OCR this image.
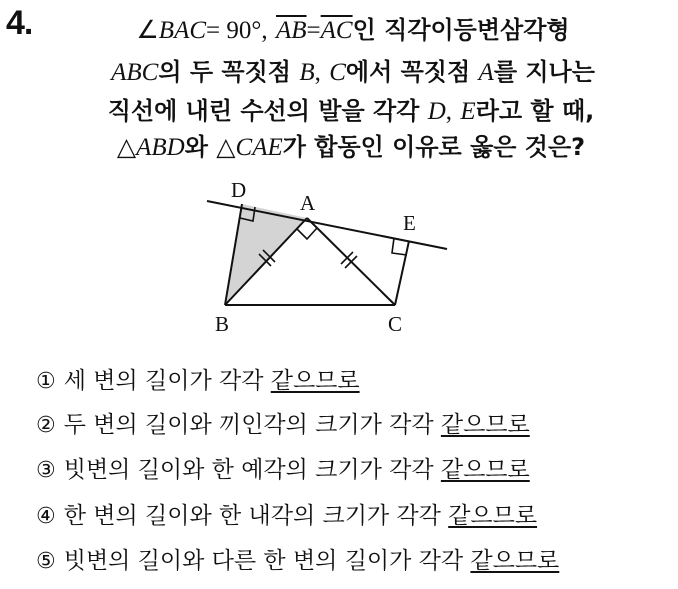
4.	∠BAC= 90°, $\overline{AB}=\overline{AC}$인 직각이등변삼각형
ABC의 두 꼭짓점 B, C에서 꼭짓점 A를 지나는
직선에 내린 수선의 발을 각각 D, E라고 할 때,
△ABD와 △CAE가 합동인 이유로 옳은 것은?
D
A
E
B	C
① 세 변의 길이가 각각 같으므로
② 두 변의 길이와 끼인각의 크기가 각각 같으므로
③ 빗변의 길이와 한 예각의 크기가 각각 같으므로
④ 한 변의 길이와 한 내각의 크기가 각각 같으므로
⑤ 빗변의 길이와 다른 한 변의 길이가 각각 같으므로
